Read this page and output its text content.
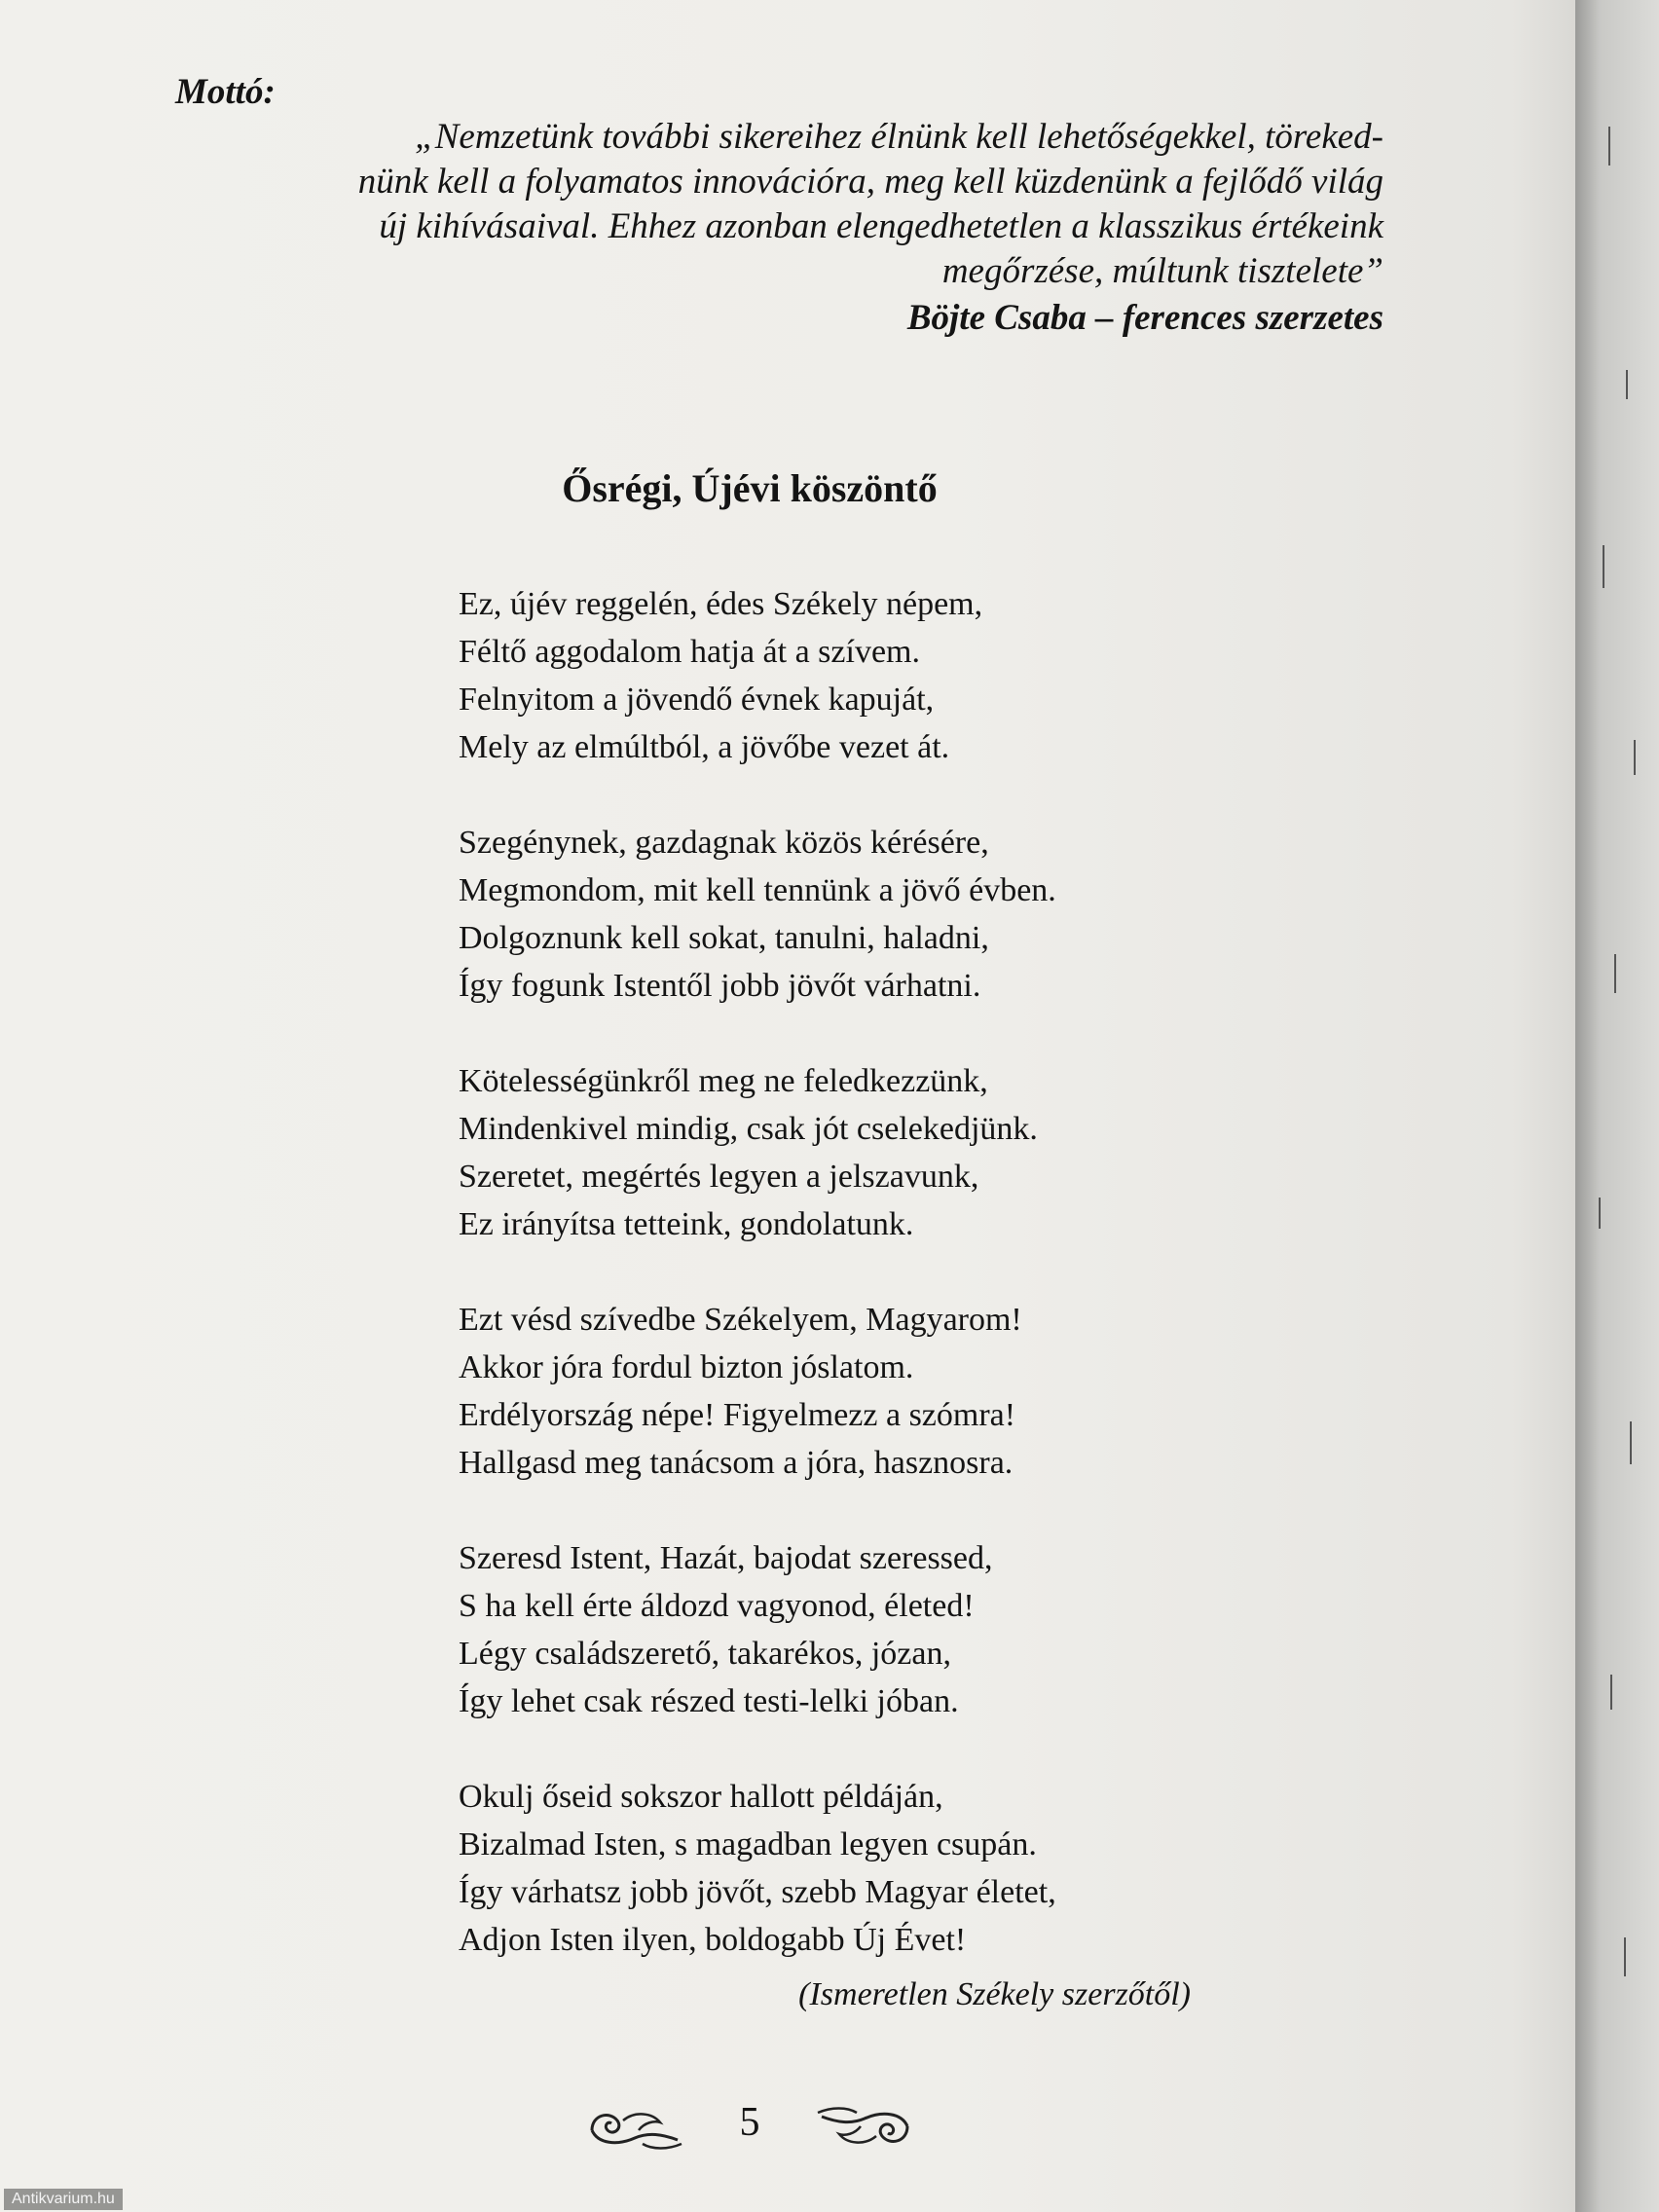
Mottó:

„Nemzetünk további sikereihez élnünk kell lehetőségekkel, töreked-
nünk kell a folyamatos innovációra, meg kell küzdenünk a fejlődő világ
új kihívásaival. Ehhez azonban elengedhetetlen a klasszikus értékeink
megőrzése, múltunk tisztelete”

Böjte Csaba – ferences szerzetes

Ősrégi, Újévi köszöntő

Ez, újév reggelén, édes Székely népem,
Féltő aggodalom hatja át a szívem.
Felnyitom a jövendő évnek kapuját,
Mely az elmúltból, a jövőbe vezet át.

Szegénynek, gazdagnak közös kérésére,
Megmondom, mit kell tennünk a jövő évben.
Dolgoznunk kell sokat, tanulni, haladni,
Így fogunk Istentől jobb jövőt várhatni.

Kötelességünkről meg ne feledkezzünk,
Mindenkivel mindig, csak jót cselekedjünk.
Szeretet, megértés legyen a jelszavunk,
Ez irányítsa tetteink, gondolatunk.

Ezt vésd szívedbe Székelyem, Magyarom!
Akkor jóra fordul bizton jóslatom.
Erdélyország népe! Figyelmezz a szómra!
Hallgasd meg tanácsom a jóra, hasznosra.

Szeresd Istent, Hazát, bajodat szeressed,
S ha kell érte áldozd vagyonod, életed!
Légy családszerető, takarékos, józan,
Így lehet csak részed testi-lelki jóban.

Okulj őseid sokszor hallott példáján,
Bizalmad Isten, s magadban legyen csupán.
Így várhatsz jobb jövőt, szebb Magyar életet,
Adjon Isten ilyen, boldogabb Új Évet!

(Ismeretlen Székely szerzőtől)

5
Antikvarium.hu
